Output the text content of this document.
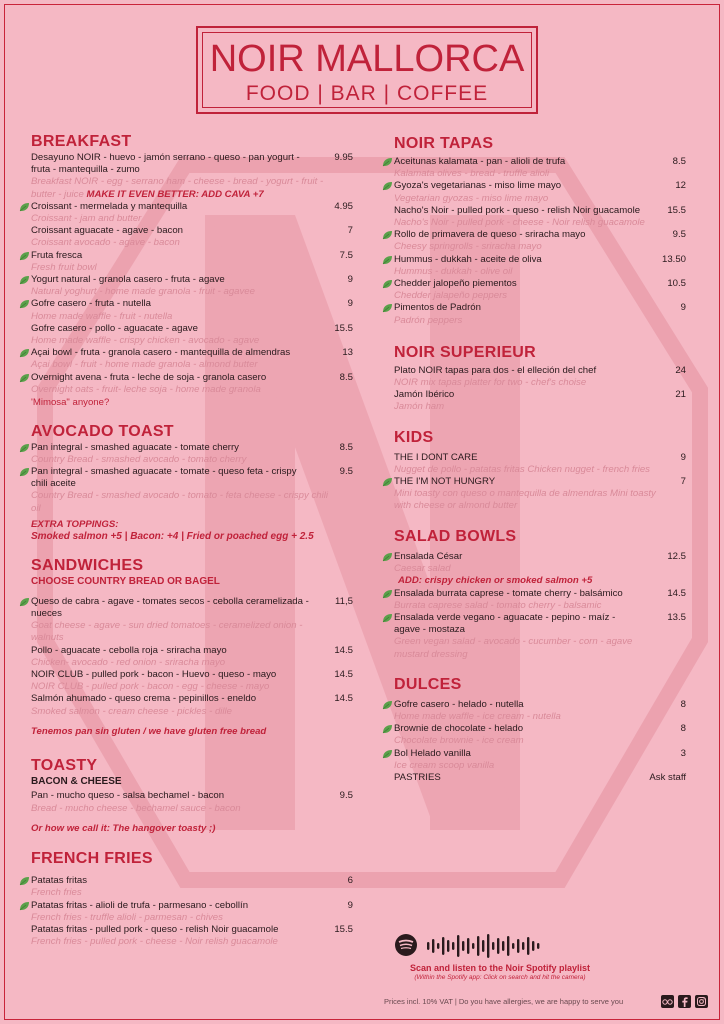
NOIR MALLORCA
FOOD | BAR | COFFEE
BREAKFAST
Desayuno NOIR - huevo - jamón serrano - queso - pan yogurt - fruta - mantequilla - zumo
9.95
Breakfast NOIR - egg - serrano ham - cheese - bread - yogurt - fruit - butter - juice MAKE IT EVEN BETTER: ADD CAVA +7
Croissant - mermelada y mantequilla	4.95
Croissant - jam and butter
Croissant aguacate - agave - bacon	7
Croissant avocado - agave - bacon
Fruta fresca	7.5
Fresh fruit bowl
Yogurt natural - granola casero - fruta - agave	9
Natural yoghurt - home made granola - fruit - agavee
Gofre casero - fruta - nutella	9
Home made waffle - fruit - nutella
Gofre casero - pollo - aguacate - agave	15.5
Home made waffle - crispy chicken - avocado - agave
Açai bowl - fruta - granola casero - mantequilla de almendras	13
Açai bowl - fruit - home made granola - almond butter
Overnight avena - fruta - leche de soja - granola casero	8.5
Overnight oats - fruit- leche soja - home made granola
'Mimosa" anyone?
AVOCADO TOAST
Pan integral - smashed aguacate - tomate cherry	8.5
Country Bread - smashed avocado - tomato cherry
Pan integral - smashed aguacate - tomate - queso feta - crispy chili aceite
9.5
Country Bread - smashed avocado - tomato - feta cheese - crispy chili oil
EXTRA TOPPINGS:
Smoked salmon +5 | Bacon: +4 | Fried or poached egg + 2.5
SANDWICHES
CHOOSE COUNTRY BREAD OR BAGEL
Queso de cabra - agave - tomates secos - cebolla ceramelizada - nueces
11,5
Goat cheese - agave - sun dried tomatoes - ceramelized onion - walnuts
Pollo - aguacate - cebolla roja - sriracha mayo	14.5
Chicken- avocado - red onion - sriracha mayo
NOIR CLUB - pulled pork - bacon - Huevo - queso - mayo	14.5
NOIR CLUB - pulled pork - bacon - egg - cheese - mayo
Salmón ahumado - queso crema - pepinillos - eneldo	14.5
Smoked salmon - cream cheese - pickles - dille
Tenemos pan sin gluten / we have gluten free bread
TOASTY
BACON & CHEESE
Pan - mucho queso - salsa bechamel - bacon	9.5
Bread - mucho cheese - bechamel sauce - bacon
Or how we call it: The hangover toasty ;)
FRENCH FRIES
Patatas fritas	6
French fries
Patatas fritas - alioli de trufa - parmesano - cebollín	9
French fries - truffle alioli - parmesan - chives
Patatas fritas - pulled pork - queso - relish Noir guacamole	15.5
French fries - pulled pork - cheese - Noir relish guacamole
NOIR TAPAS
Aceitunas kalamata - pan - alioli de trufa	8.5
Kalamata olives - bread - truffle alioli
Gyoza's vegetarianas - miso lime mayo	12
Vegetarian gyozas - miso lime mayo
Nacho's Noir - pulled pork - queso - relish Noir guacamole	15.5
Nacho's Noir - pulled pork - cheese - Noir relish guacamole
Rollo de primavera de queso - sriracha mayo	9.5
Cheesy springrolls - sriracha mayo
Hummus - dukkah - aceite de oliva	13.50
Hummus - dukkah - olive oil
Chedder jalopeño piementos	10.5
Chedder jalapeño peppers
Pimentos de Padrón	9
Padrón peppers
NOIR SUPERIEUR
Plato NOIR tapas para dos - el elleción del chef	24
NOIR mix tapas platter for two - chef's choise
Jamón Ibérico	21
Jamón ham
KIDS
THE I DONT CARE	9
Nugget de pollo - patatas fritas Chicken nugget - french fries
THE I'M NOT HUNGRY	7
Mini toasty con queso o mantequilla de almendras Mini toasty with cheese or almond butter
SALAD BOWLS
Ensalada César	12.5
Caesar salad
ADD: crispy chicken or smoked salmon +5
Ensalada burrata caprese - tomate cherry - balsámico	14.5
Burrata caprese salad - tomato cherry - balsamic
Ensalada verde vegano - aguacate - pepino - maíz - agave - mostaza
13.5
Green vegan salad - avocado - cucumber - corn - agave mustard dressing
DULCES
Gofre casero - helado - nutella	8
Home made waffle - ice cream - nutella
Brownie de chocolate - helado	8
Chocolate brownie - ice cream
Bol Helado vanilla	3
Ice cream scoop vanilla
PASTRIES	Ask staff
Scan and listen to the Noir Spotify playlist
(Within the Spotify app: Click on search and hit the camera)
Prices incl. 10% VAT | Do you have allergies, we are happy to serve you
